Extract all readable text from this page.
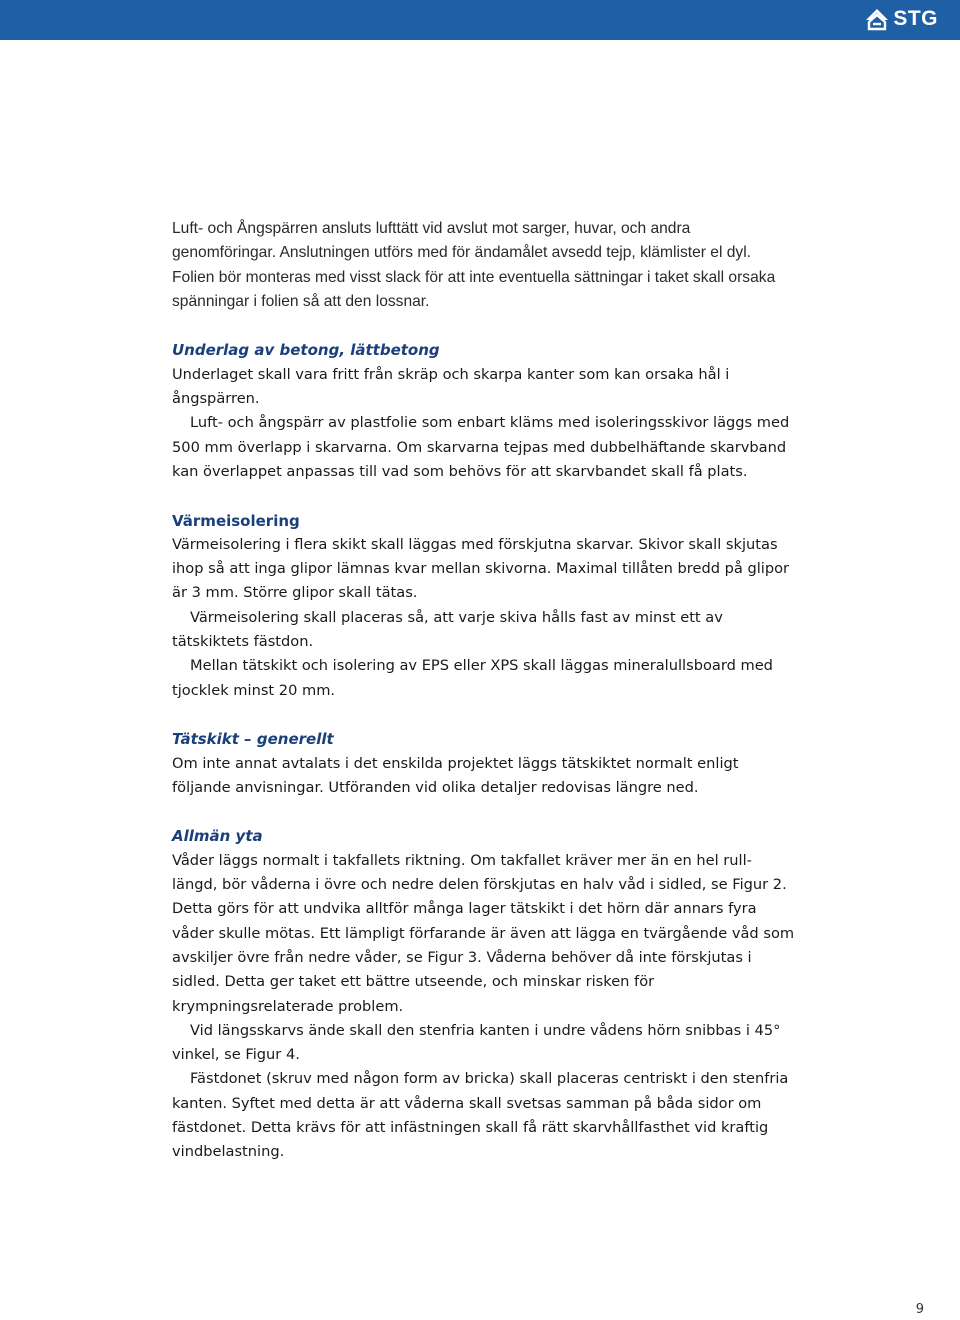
STG

Luft- och Ångspärren ansluts lufttätt vid avslut mot sarger, huvar, och andra genomföringar. Anslutningen utförs med för ändamålet avsedd tejp, klämlister el dyl. Folien bör monteras med visst slack för att inte eventuella sättningar i taket skall orsaka spänningar i folien så att den lossnar.

Underlag av betong, lättbetong

Underlaget skall vara fritt från skräp och skarpa kanter som kan orsaka hål i ångspärren.

Luft- och ångspärr av plastfolie som enbart kläms med isoleringsskivor läggs med 500 mm överlapp i skarvarna. Om skarvarna tejpas med dubbelhäftande skarvband kan överlappet anpassas till vad som behövs för att skarvbandet skall få plats.

Värmeisolering

Värmeisolering i flera skikt skall läggas med förskjutna skarvar. Skivor skall skjutas ihop så att inga glipor lämnas kvar mellan skivorna. Maximal tillåten bredd på glipor är 3 mm. Större glipor skall tätas.

Värmeisolering skall placeras så, att varje skiva hålls fast av minst ett av tätskiktets fästdon.

Mellan tätskikt och isolering av EPS eller XPS skall läggas mineralullsboard med tjocklek minst 20 mm.

Tätskikt – generellt

Om inte annat avtalats i det enskilda projektet läggs tätskiktet normalt enligt följande anvisningar. Utföranden vid olika detaljer redovisas längre ned.

Allmän yta

Våder läggs normalt i takfallets riktning. Om takfallet kräver mer än en hel rull-längd, bör våderna i övre och nedre delen förskjutas en halv våd i sidled, se Figur 2. Detta görs för att undvika alltför många lager tätskikt i det hörn där annars fyra våder skulle mötas. Ett lämpligt förfarande är även att lägga en tvärgående våd som avskiljer övre från nedre våder, se Figur 3. Våderna behöver då inte förskjutas i sidled. Detta ger taket ett bättre utseende, och minskar risken för krympningsrelaterade problem.

Vid längsskarvs ände skall den stenfria kanten i undre vådens hörn snibbas i 45° vinkel, se Figur 4.

Fästdonet (skruv med någon form av bricka) skall placeras centriskt i den stenfria kanten. Syftet med detta är att våderna skall svetsas samman på båda sidor om fästdonet. Detta krävs för att infästningen skall få rätt skarvhållfasthet vid kraftig vindbelastning.

9
